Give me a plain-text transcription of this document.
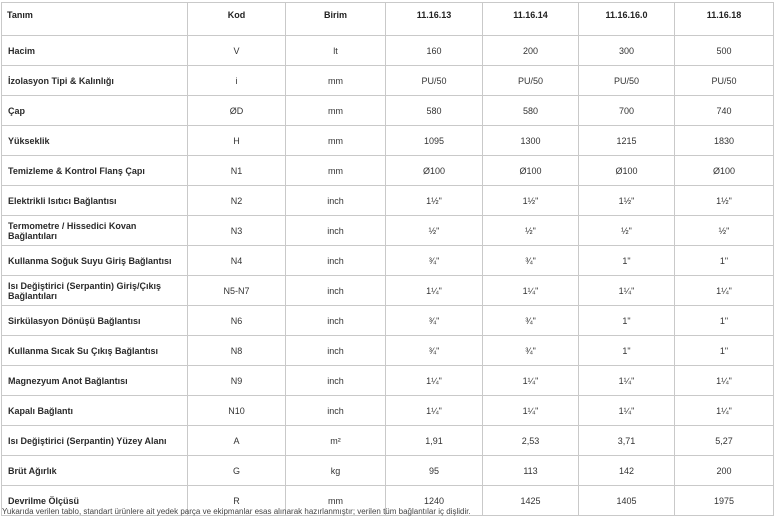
Tanım	Kod	Birim	11.16.13	11.16.14	11.16.16.0	11.16.18
Hacim	V	lt	160	200	300	500
İzolasyon Tipi & Kalınlığı	i	mm	PU/50	PU/50	PU/50	PU/50
Çap	ØD	mm	580	580	700	740
Yükseklik	H	mm	1095	1300	1215	1830
Temizleme & Kontrol Flanş Çapı	N1	mm	Ø100	Ø100	Ø100	Ø100
Elektrikli Isıtıcı Bağlantısı	N2	inch	1½"	1½"	1½"	1½"
Termometre / Hissedici Kovan Bağlantıları	N3	inch	½"	½"	½"	½"
Kullanma Soğuk Suyu Giriş Bağlantısı	N4	inch	¾"	¾"	1"	1"
Isı Değiştirici (Serpantin) Giriş/Çıkış Bağlantıları	N5-N7	inch	1¼"	1¼"	1¼"	1¼"
Sirkülasyon Dönüşü Bağlantısı	N6	inch	¾"	¾"	1"	1"
Kullanma Sıcak Su Çıkış Bağlantısı	N8	inch	¾"	¾"	1"	1"
Magnezyum Anot Bağlantısı	N9	inch	1¼"	1¼"	1¼"	1¼"
Kapalı Bağlantı	N10	inch	1¼"	1¼"	1¼"	1¼"
Isı Değiştirici (Serpantin) Yüzey Alanı	A	m²	1,91	2,53	3,71	5,27
Brüt Ağırlık	G	kg	95	113	142	200
Devrilme Ölçüsü	R	mm	1240	1425	1405	1975
Yukarıda verilen tablo, standart ürünlere ait yedek parça ve ekipmanlar esas alınarak hazırlanmıştır; verilen tüm bağlantılar iç dişlidir.
